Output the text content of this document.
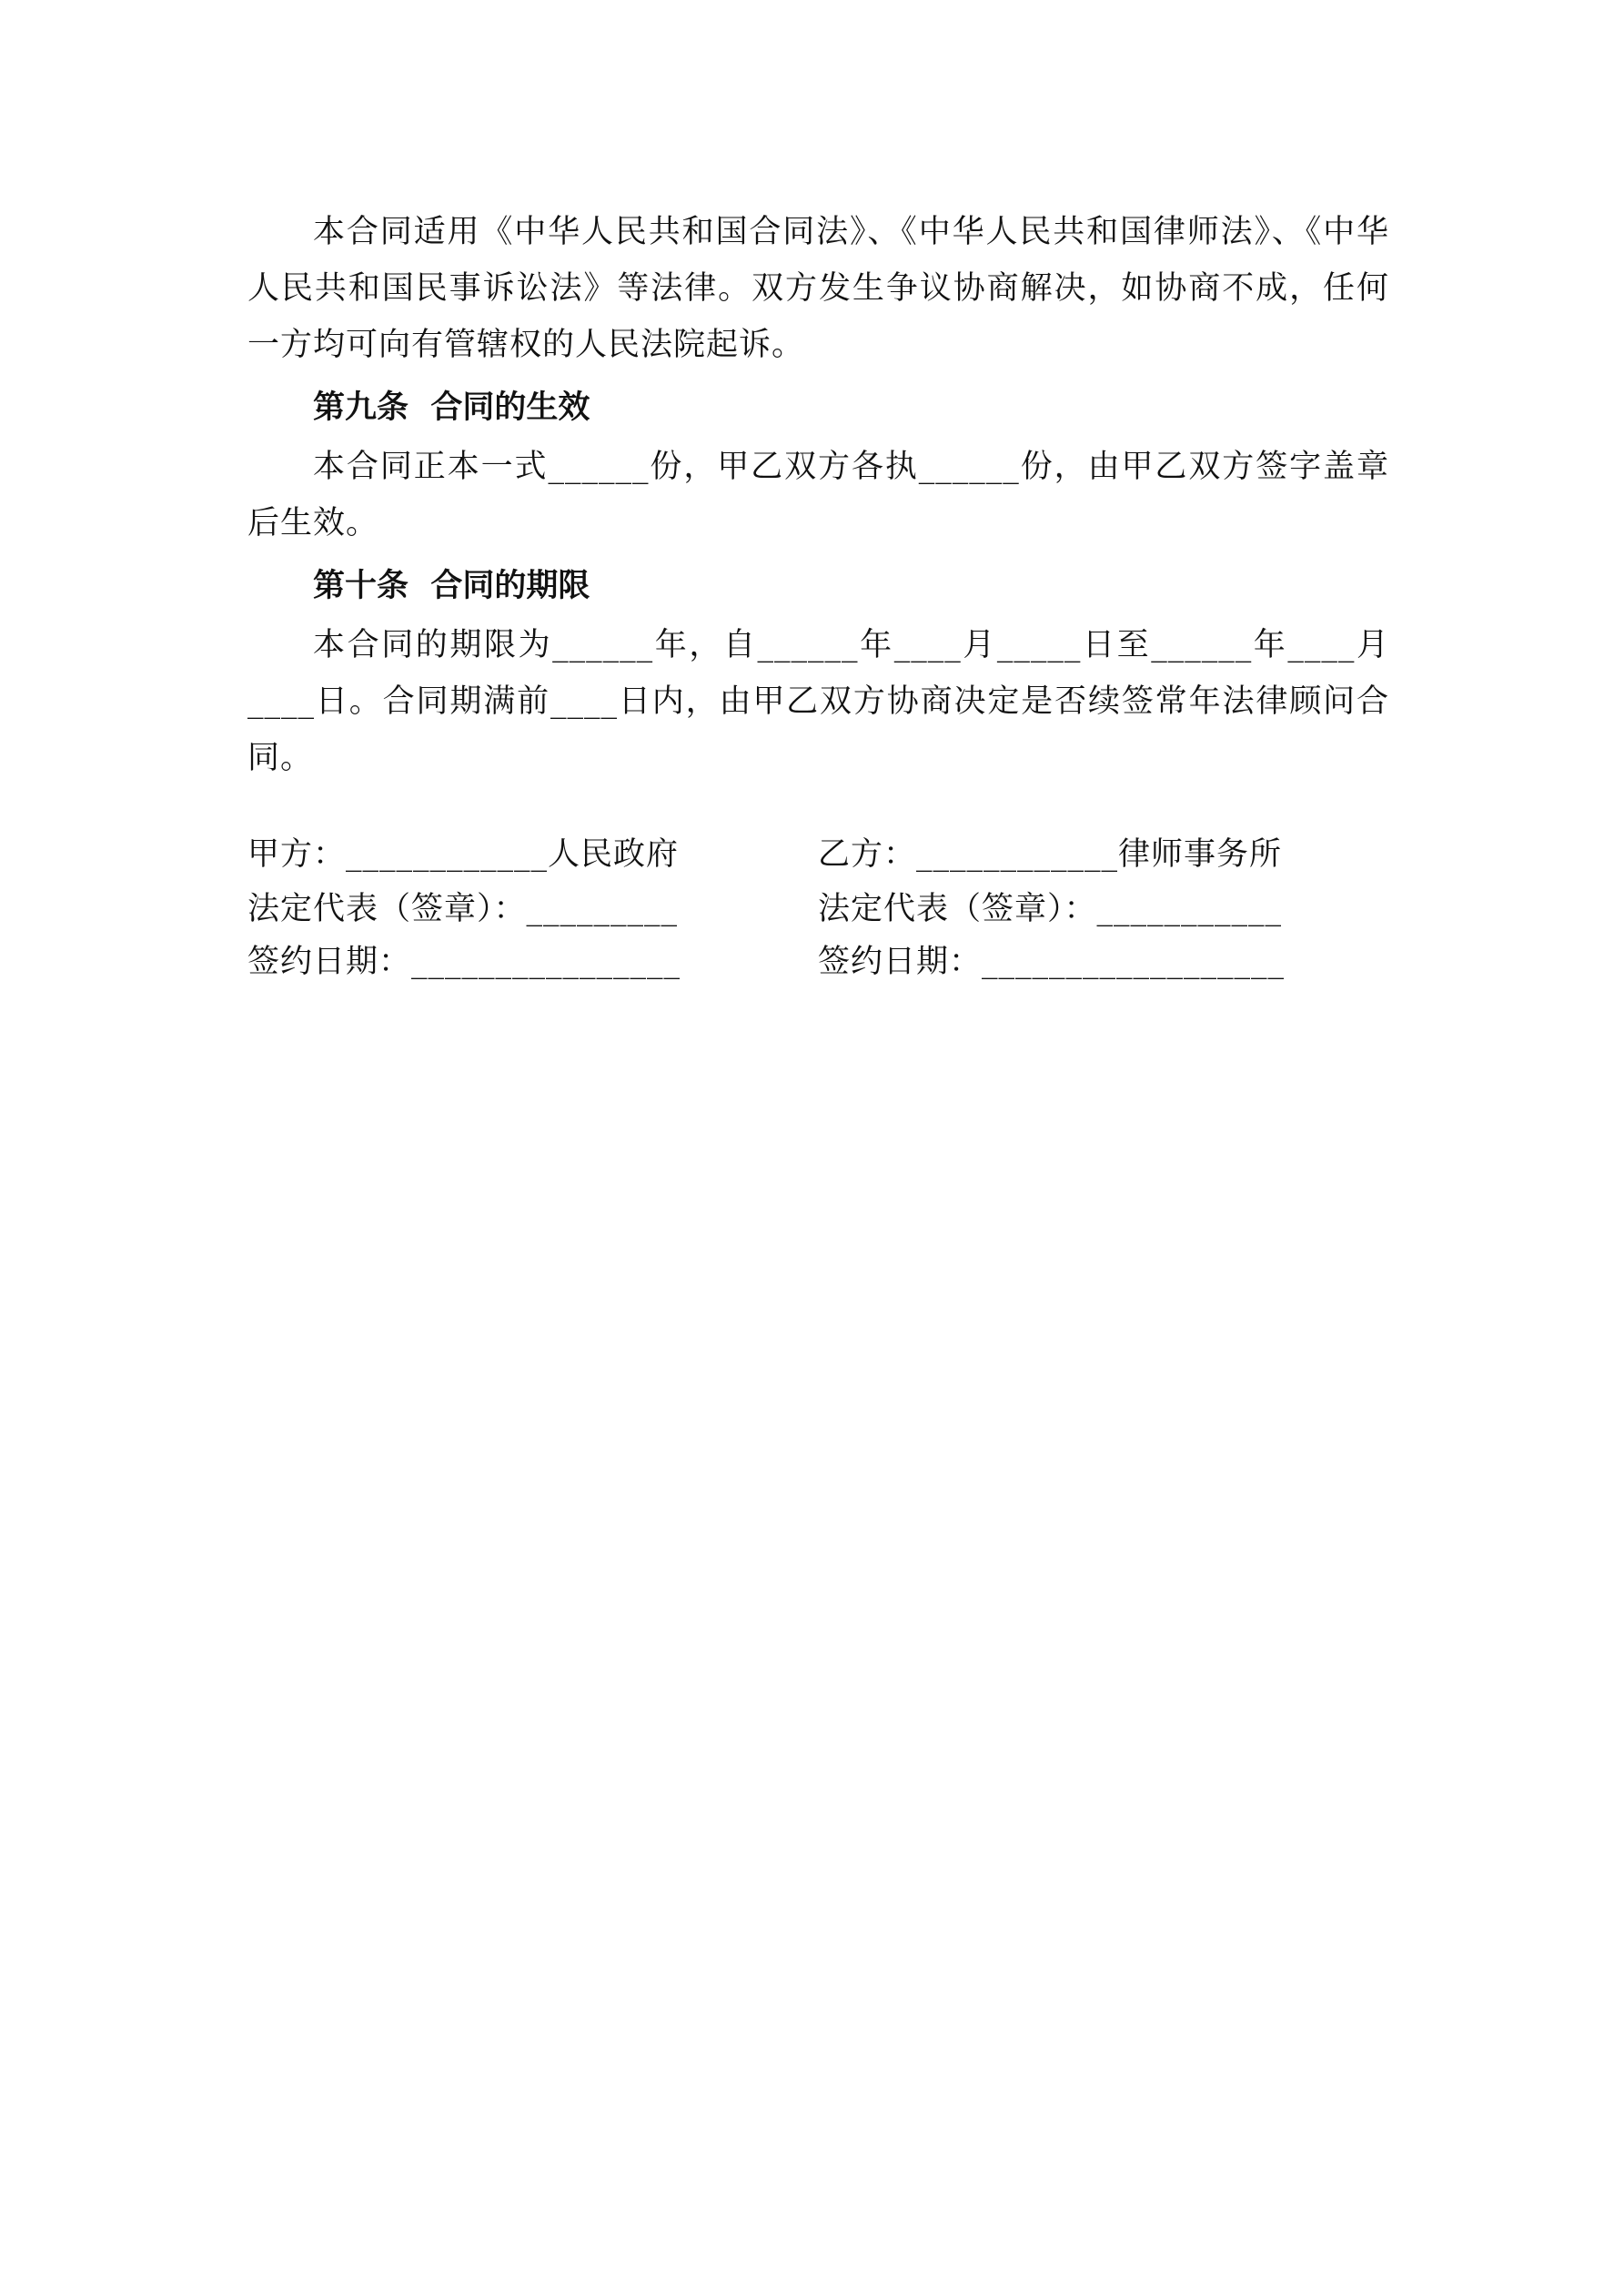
本合同适用《中华人民共和国合同法》、《中华人民共和国律师法》、《中华人民共和国民事诉讼法》等法律。双方发生争议协商解决，如协商不成，任何一方均可向有管辖权的人民法院起诉。

第九条  合同的生效

本合同正本一式______份，甲乙双方各执______份，由甲乙双方签字盖章后生效。

第十条  合同的期限

本合同的期限为______年，自______年____月_____日至______年____月____日。合同期满前____日内，由甲乙双方协商决定是否续签常年法律顾问合同。

甲方：____________人民政府	乙方：____________律师事务所
法定代表（签章）：_________	法定代表（签章）：___________
签约日期：________________	签约日期：__________________
